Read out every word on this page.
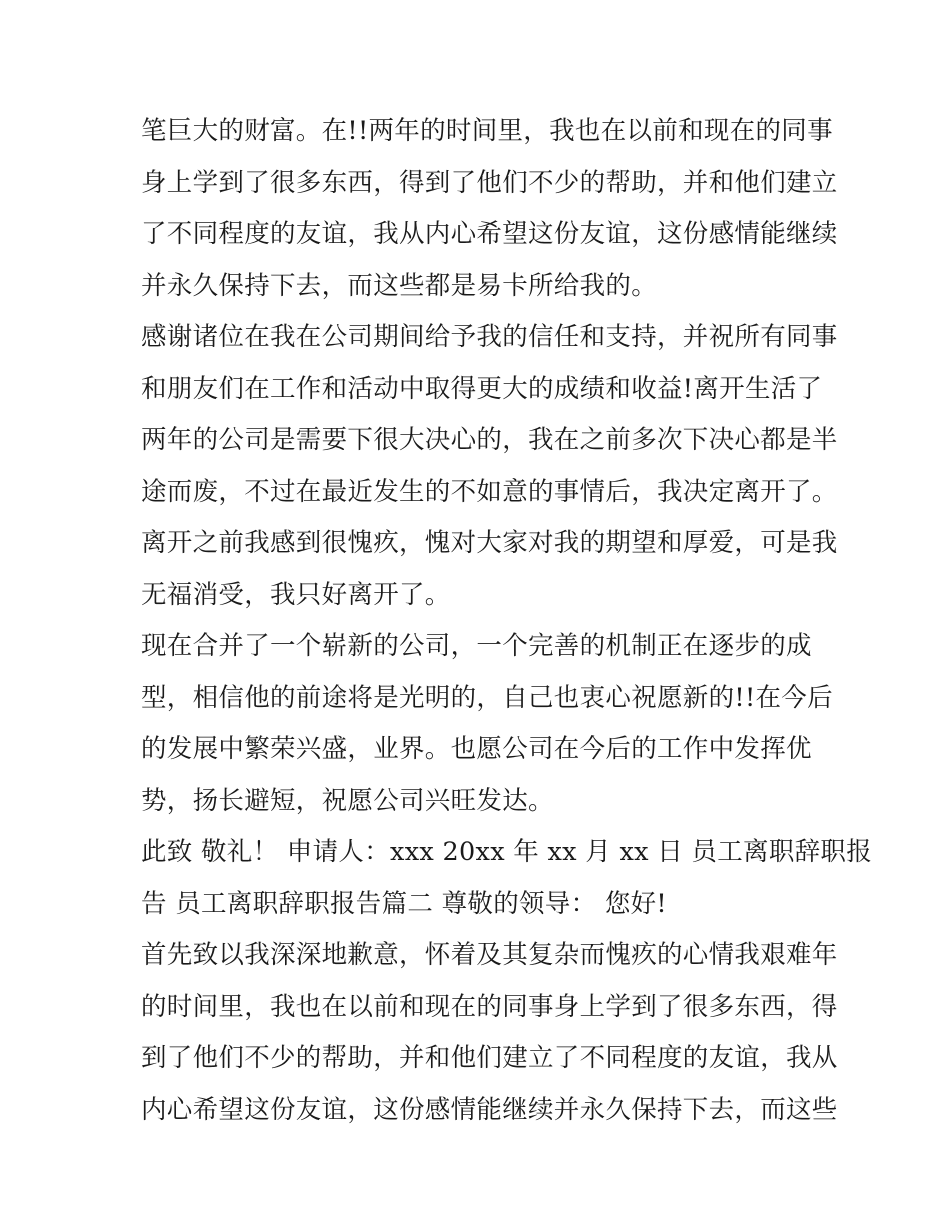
笔巨大的财富。在!!两年的时间里，我也在以前和现在的同事
身上学到了很多东西，得到了他们不少的帮助，并和他们建立
了不同程度的友谊，我从内心希望这份友谊，这份感情能继续
并永久保持下去，而这些都是易卡所给我的。
感谢诸位在我在公司期间给予我的信任和支持，并祝所有同事
和朋友们在工作和活动中取得更大的成绩和收益!离开生活了
两年的公司是需要下很大决心的，我在之前多次下决心都是半
途而废，不过在最近发生的不如意的事情后，我决定离开了。
离开之前我感到很愧疚，愧对大家对我的期望和厚爱，可是我
无福消受，我只好离开了。
现在合并了一个崭新的公司，一个完善的机制正在逐步的成
型，相信他的前途将是光明的，自己也衷心祝愿新的!!在今后
的发展中繁荣兴盛，业界。也愿公司在今后的工作中发挥优
势，扬长避短，祝愿公司兴旺发达。
此致 敬礼！ 申请人：xxx 20xx 年 xx 月 xx 日 员工离职辞职报
告 员工离职辞职报告篇二 尊敬的领导： 您好!
首先致以我深深地歉意，怀着及其复杂而愧疚的心情我艰难年
的时间里，我也在以前和现在的同事身上学到了很多东西，得
到了他们不少的帮助，并和他们建立了不同程度的友谊，我从
内心希望这份友谊，这份感情能继续并永久保持下去，而这些
